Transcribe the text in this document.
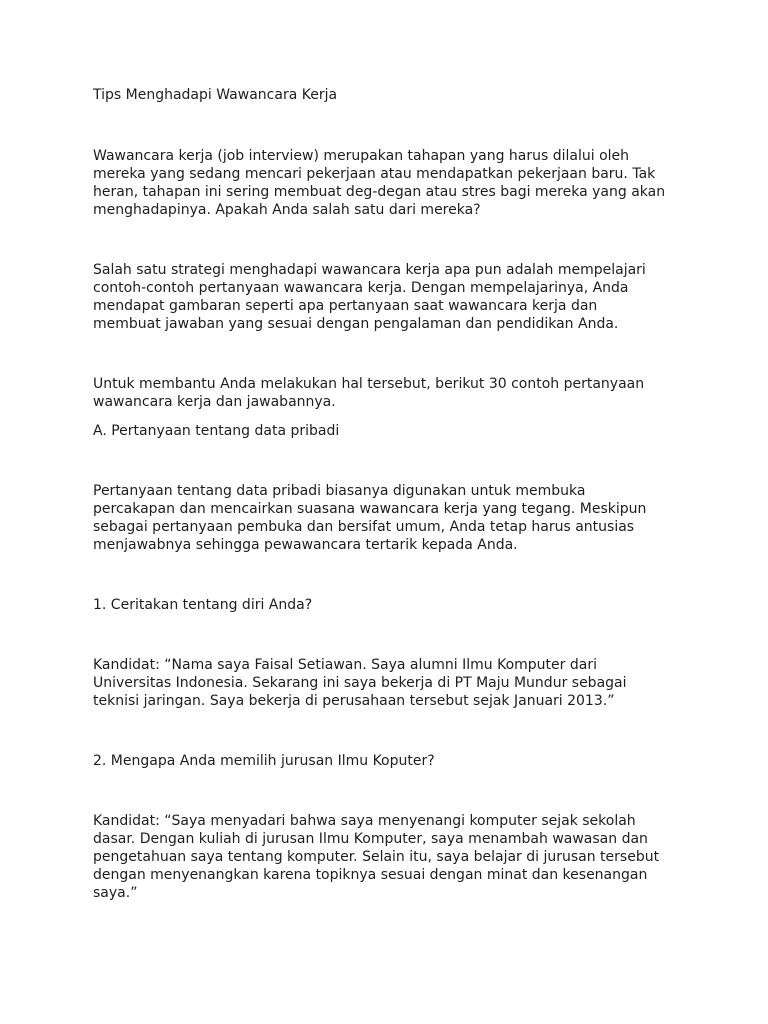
Tips Menghadapi Wawancara Kerja

Wawancara kerja (job interview) merupakan tahapan yang harus dilalui oleh
mereka yang sedang mencari pekerjaan atau mendapatkan pekerjaan baru. Tak
heran, tahapan ini sering membuat deg-degan atau stres bagi mereka yang akan
menghadapinya. Apakah Anda salah satu dari mereka?

Salah satu strategi menghadapi wawancara kerja apa pun adalah mempelajari
contoh-contoh pertanyaan wawancara kerja. Dengan mempelajarinya, Anda
mendapat gambaran seperti apa pertanyaan saat wawancara kerja dan
membuat jawaban yang sesuai dengan pengalaman dan pendidikan Anda.

Untuk membantu Anda melakukan hal tersebut, berikut 30 contoh pertanyaan
wawancara kerja dan jawabannya.

A. Pertanyaan tentang data pribadi

Pertanyaan tentang data pribadi biasanya digunakan untuk membuka
percakapan dan mencairkan suasana wawancara kerja yang tegang. Meskipun
sebagai pertanyaan pembuka dan bersifat umum, Anda tetap harus antusias
menjawabnya sehingga pewawancara tertarik kepada Anda.

1. Ceritakan tentang diri Anda?

Kandidat: “Nama saya Faisal Setiawan. Saya alumni Ilmu Komputer dari
Universitas Indonesia. Sekarang ini saya bekerja di PT Maju Mundur sebagai
teknisi jaringan. Saya bekerja di perusahaan tersebut sejak Januari 2013.”

2. Mengapa Anda memilih jurusan Ilmu Koputer?

Kandidat: “Saya menyadari bahwa saya menyenangi komputer sejak sekolah
dasar. Dengan kuliah di jurusan Ilmu Komputer, saya menambah wawasan dan
pengetahuan saya tentang komputer. Selain itu, saya belajar di jurusan tersebut
dengan menyenangkan karena topiknya sesuai dengan minat dan kesenangan
saya.”
